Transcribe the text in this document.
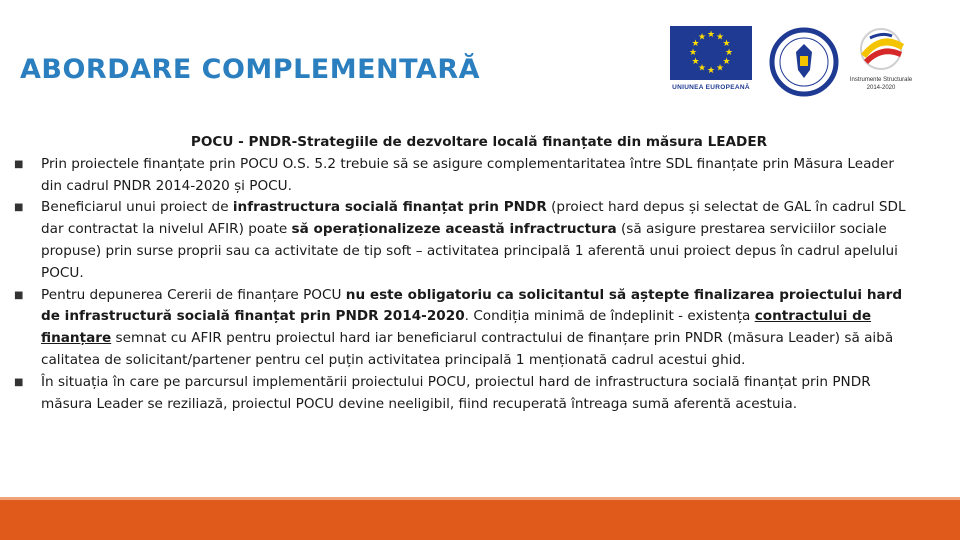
ABORDARE COMPLEMENTARĂ
★ ★
★
★
★
★
★
★
★
★
★
★
UNIUNEA EUROPEANĂ
Instrumente Structurale
2014-2020
POCU - PNDR-Strategiile de dezvoltare locală finanțate din măsura LEADER
■ Prin proiectele finanțate prin POCU O.S. 5.2 trebuie să se asigure complementaritatea între SDL finanțate prin Măsura Leader din cadrul PNDR 2014-2020 și POCU.
■ Beneficiarul unui proiect de infrastructura socială finanțat prin PNDR (proiect hard depus și selectat de GAL în cadrul SDL dar contractat la nivelul AFIR) poate să operaționalizeze această infractructura (să asigure prestarea serviciilor sociale propuse) prin surse proprii sau ca activitate de tip soft – activitatea principală 1 aferentă unui proiect depus în cadrul apelului POCU.
■ Pentru depunerea Cererii de finanțare POCU nu este obligatoriu ca solicitantul să aștepte finalizarea proiectului hard de infrastructură socială finanțat prin PNDR 2014-2020. Condiția minimă de îndeplinit - existența contractului de finanțare semnat cu AFIR pentru proiectul hard iar beneficiarul contractului de finanțare prin PNDR (măsura Leader) să aibă calitatea de solicitant/partener pentru cel puțin activitatea principală 1 menționată cadrul acestui ghid.
■ În situația în care pe parcursul implementării proiectului POCU, proiectul hard de infrastructura socială finanțat prin PNDR măsura Leader se reziliază, proiectul POCU devine neeligibil, fiind recuperată întreaga sumă aferentă acestuia.
